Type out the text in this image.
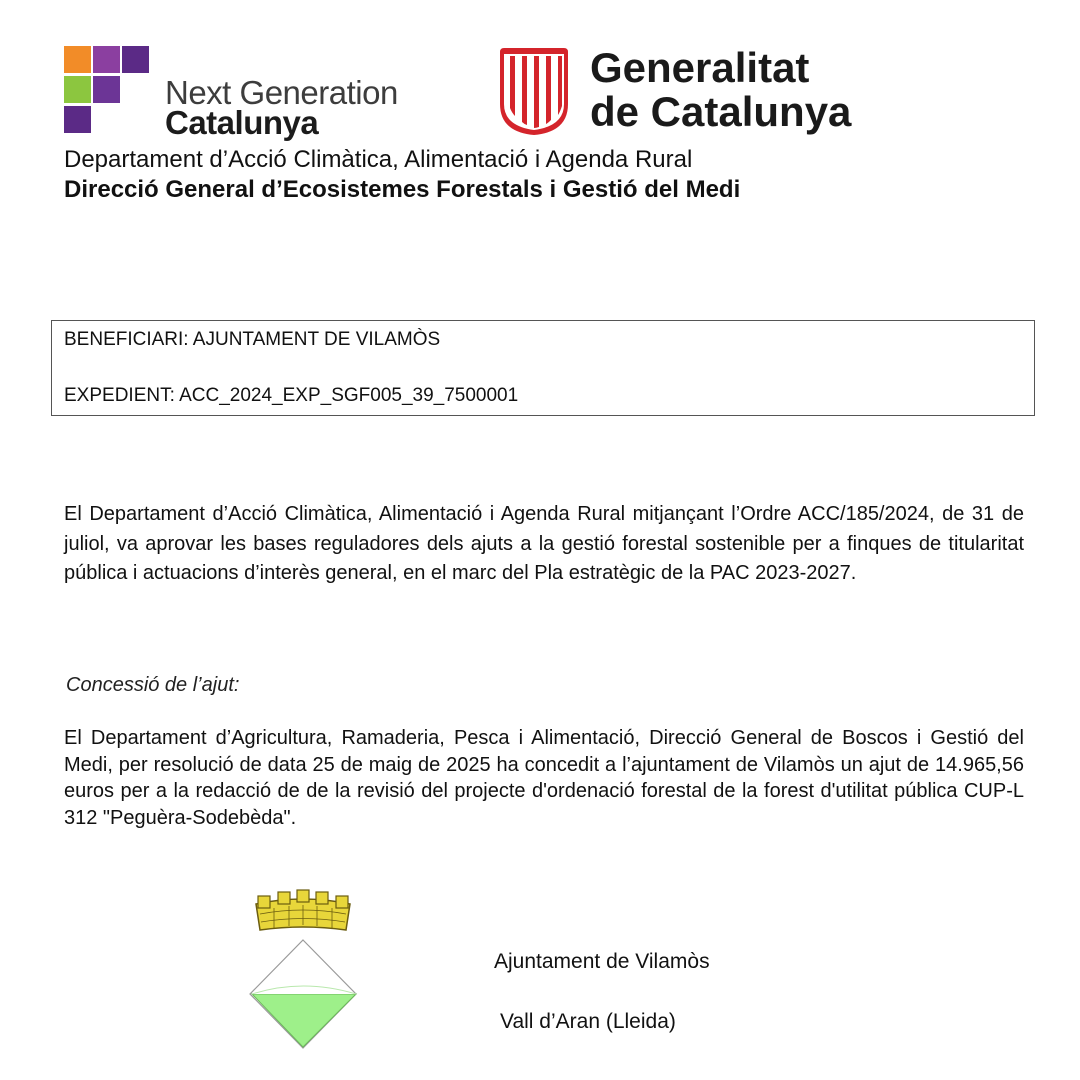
Next Generation
Catalunya
Generalitat
de Catalunya
Departament d’Acció Climàtica, Alimentació i Agenda Rural
Direcció General d’Ecosistemes Forestals i Gestió del Medi
BENEFICIARI: AJUNTAMENT DE VILAMÒS
EXPEDIENT: ACC_2024_EXP_SGF005_39_7500001

El Departament d’Acció Climàtica, Alimentació i Agenda Rural mitjançant l’Ordre ACC/185/2024, de 31 de juliol, va aprovar les bases reguladores dels ajuts a la gestió forestal sostenible per a finques de titularitat pública i actuacions d’interès general, en el marc del Pla estratègic de la PAC 2023-2027.

Concessió de l’ajut:

El Departament d’Agricultura, Ramaderia, Pesca i Alimentació, Direcció General de Boscos i Gestió del Medi, per resolució de data 25 de maig de 2025 ha concedit a l’ajuntament de Vilamòs un ajut de 14.965,56 euros per a la redacció de de la revisió del projecte d'ordenació forestal de la forest d'utilitat pública CUP-L 312 "Peguèra-Sodebèda".

Ajuntament de Vilamòs
Vall d’Aran (Lleida)
